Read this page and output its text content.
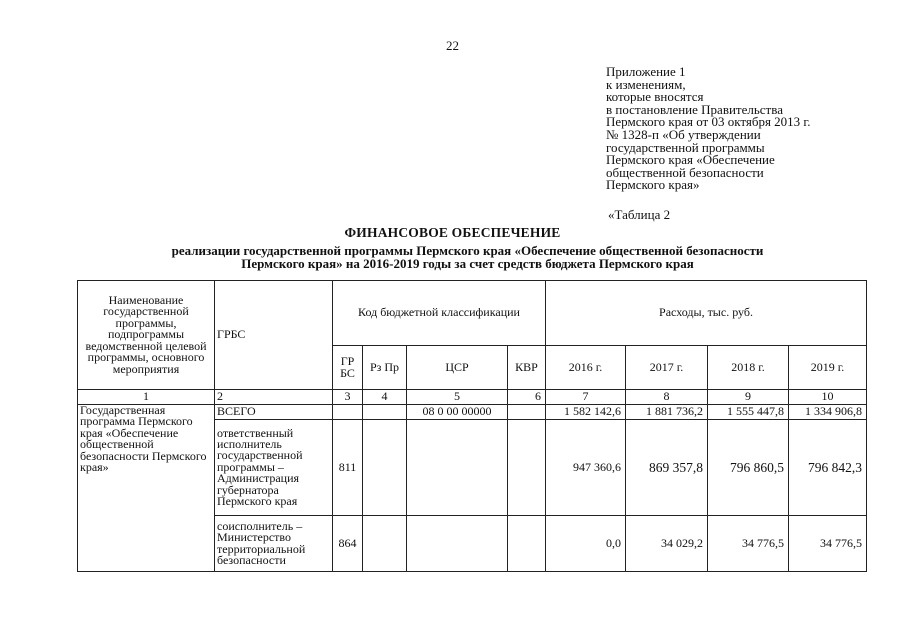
22
Приложение 1
к изменениям,
которые вносятся
в постановление Правительства
Пермского края от 03 октября 2013 г.
№ 1328-п «Об утверждении
государственной программы
Пермского края «Обеспечение
общественной безопасности
Пермского края»
«Таблица 2
ФИНАНСОВОЕ ОБЕСПЕЧЕНИЕ
реализации государственной программы Пермского края «Обеспечение общественной безопасности
Пермского края» на 2016-2019 годы за счет средств бюджета Пермского края
Наименование государственной программы, подпрограммы ведомственной целевой программы, основного мероприятия	ГРБС	Код бюджетной классификации				Расходы, тыс. руб.			
		ГР БС	Рз Пр	ЦСР	КВР	2016 г.	2017 г.	2018 г.	2019 г.
1	2	3	4	5	6	7	8	9	10
Государственная программа Пермского края «Обеспечение общественной безопасности Пермского края»	ВСЕГО			08 0 00 00000		1 582 142,6	1 881 736,2	1 555 447,8	1 334 906,8
	ответственный исполнитель государственной программы – Администрация губернатора Пермского края	811				947 360,6	869 357,8	796 860,5	796 842,3
	соисполнитель – Министерство территориальной безопасности	864				0,0	34 029,2	34 776,5	34 776,5
